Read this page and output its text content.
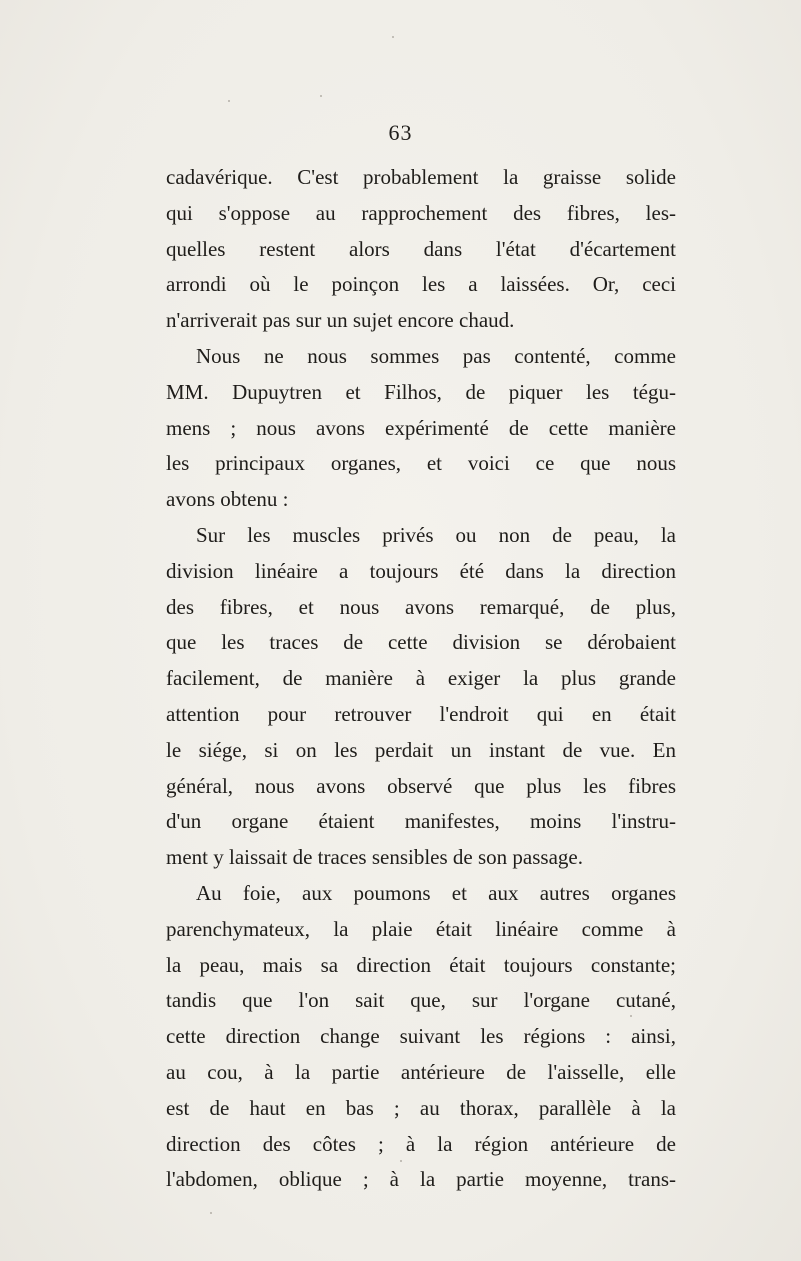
63
cadavérique. C'est probablement la graisse solide
qui s'oppose au rapprochement des fibres, les-
quelles restent alors dans l'état d'écartement
arrondi où le poinçon les a laissées. Or, ceci
n'arriverait pas sur un sujet encore chaud.
Nous ne nous sommes pas contenté, comme
MM. Dupuytren et Filhos, de piquer les tégu-
mens ; nous avons expérimenté de cette manière
les principaux organes, et voici ce que nous
avons obtenu :
Sur les muscles privés ou non de peau, la
division linéaire a toujours été dans la direction
des fibres, et nous avons remarqué, de plus,
que les traces de cette division se dérobaient
facilement, de manière à exiger la plus grande
attention pour retrouver l'endroit qui en était
le siége, si on les perdait un instant de vue. En
général, nous avons observé que plus les fibres
d'un organe étaient manifestes, moins l'instru-
ment y laissait de traces sensibles de son passage.
Au foie, aux poumons et aux autres organes
parenchymateux, la plaie était linéaire comme à
la peau, mais sa direction était toujours constante;
tandis que l'on sait que, sur l'organe cutané,
cette direction change suivant les régions : ainsi,
au cou, à la partie antérieure de l'aisselle, elle
est de haut en bas ; au thorax, parallèle à la
direction des côtes ; à la région antérieure de
l'abdomen, oblique ; à la partie moyenne, trans-
